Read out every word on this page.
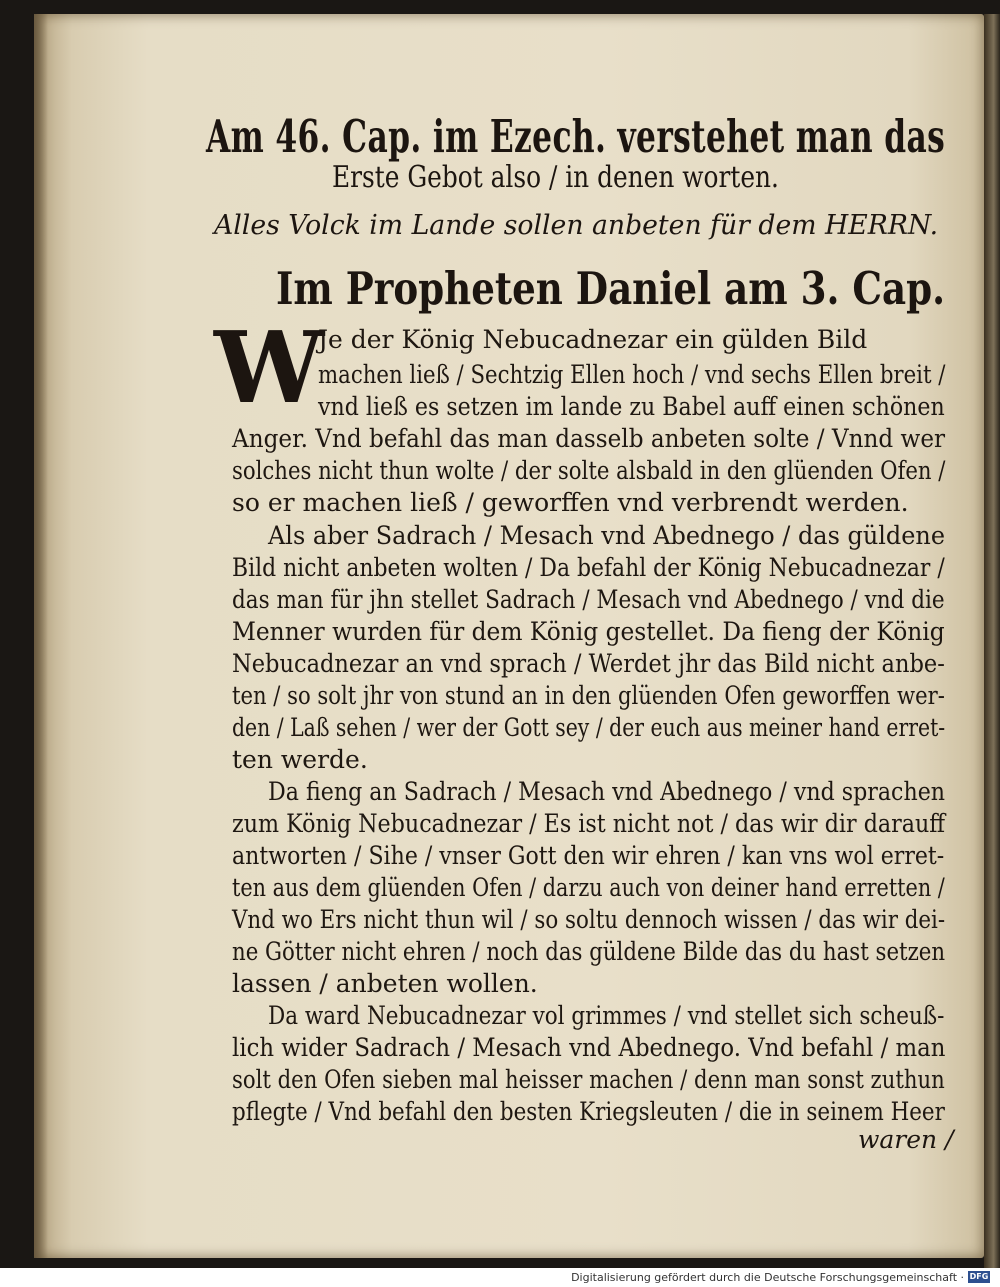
Am 46. Cap. im Ezech. verstehet man das
Erste Gebot also / in denen worten.
Alles Volck im Lande sollen anbeten für dem HERRN.
Im Propheten Daniel am 3. Cap.
W
Je der König Nebucadnezar ein gülden Bild
machen ließ / Sechtzig Ellen hoch / vnd sechs Ellen breit /
vnd ließ es setzen im lande zu Babel auff einen schönen
Anger. Vnd befahl das man dasselb anbeten solte / Vnnd wer
solches nicht thun wolte / der solte alsbald in den glüenden Ofen /
so er machen ließ / geworffen vnd verbrendt werden.
Als aber Sadrach / Mesach vnd Abednego / das güldene
Bild nicht anbeten wolten / Da befahl der König Nebucadnezar /
das man für jhn stellet Sadrach / Mesach vnd Abednego / vnd die
Menner wurden für dem König gestellet. Da fieng der König
Nebucadnezar an vnd sprach / Werdet jhr das Bild nicht anbe-
ten / so solt jhr von stund an in den glüenden Ofen geworffen wer-
den / Laß sehen / wer der Gott sey / der euch aus meiner hand erret-
ten werde.
Da fieng an Sadrach / Mesach vnd Abednego / vnd sprachen
zum König Nebucadnezar / Es ist nicht not / das wir dir darauff
antworten / Sihe / vnser Gott den wir ehren / kan vns wol erret-
ten aus dem glüenden Ofen / darzu auch von deiner hand erretten /
Vnd wo Ers nicht thun wil / so soltu dennoch wissen / das wir dei-
ne Götter nicht ehren / noch das güldene Bilde das du hast setzen
lassen / anbeten wollen.
Da ward Nebucadnezar vol grimmes / vnd stellet sich scheuß-
lich wider Sadrach / Mesach vnd Abednego. Vnd befahl / man
solt den Ofen sieben mal heisser machen / denn man sonst zuthun
pflegte / Vnd befahl den besten Kriegsleuten / die in seinem Heer
waren /
Digitalisierung gefördert durch die Deutsche Forschungsgemeinschaft · DFG
